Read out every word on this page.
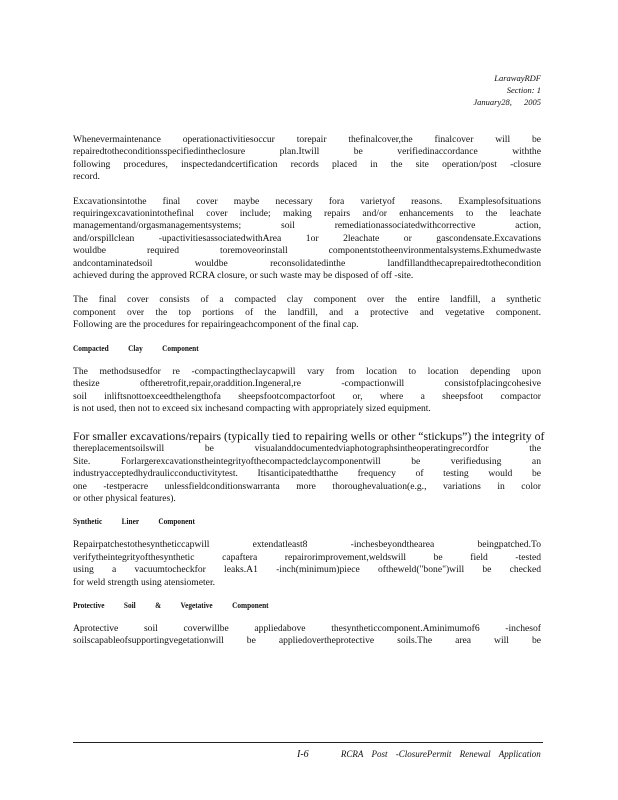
LarawayRDF
Section: 1
January28, 2005

Whenevermaintenance operationactivitiesoccur torepair thefinalcover,the finalcover will be
repairedtotheconditionsspecifiedintheclosure plan.Itwill be verifiedinaccordance withthe
following procedures, inspectedandcertification records placed in the site operation/post -closure
record.

Excavationsintothe final cover maybe necessary fora varietyof reasons. Examplesofsituations
requiringexcavationintothefinal cover include; making repairs and/or enhancements to the leachate
managementand/orgasmanagementsystems; soil remediationassociatedwithcorrective action,
and/orspillclean -upactivitiesassociatedwithArea 1or 2leachate or gascondensate.Excavations
wouldbe required toremoveorinstall componentstotheenvironmentalsystems.Exhumedwaste
andcontaminatedsoil wouldbe reconsolidatedinthe landfillandthecaprepairedtothecondition
achieved during the approved RCRA closure, or such waste may be disposed of off -site.

The final cover consists of a compacted clay component over the entire landfill, a synthetic
component over the top portions of the landfill, and a protective and vegetative component.
Following are the procedures for repairingeachcomponent of the final cap.

Compacted Clay Component

The methodsusedfor re -compactingtheclaycapwill vary from location to location depending upon
thesize oftheretrofit,repair,oraddition.Ingeneral,re -compactionwill consistofplacingcohesive
soil inliftsnottoexceedthelengthofa sheepsfootcompactorfoot or, where a sheepsfoot compactor
is not used, then not to exceed six inchesand compacting with appropriately sized equipment.

For smaller excavations/repairs (typically tied to repairing wells or other “stickups”) the integrity of

thereplacementsoilswill be visualanddocumentedviaphotographsintheoperatingrecordfor the
Site. Forlargerexcavationstheintegrityofthecompactedclaycomponentwill be verifiedusing an
industryacceptedhydraulicconductivitytest. Itisanticipatedthatthe frequency of testing would be
one -testperacre unlessfieldconditionswarranta more thoroughevaluation(e.g., variations in color
or other physical features).

Synthetic Liner Component

Repairpatchestothesyntheticcapwill extendatleast8 -inchesbeyondthearea beingpatched.To
verifytheintegrityofthesynthetic capaftera repairorimprovement,weldswill be field -tested
using a vacuumtocheckfor leaks.A1 -inch(minimum)piece oftheweld("bone")will be checked
for weld strength using atensiometer.

Protective Soil & Vegetative Component

Aprotective soil coverwillbe appliedabove thesyntheticcomponent.Aminimumof6 -inchesof
soilscapableofsupportingvegetationwill be appliedovertheprotective soils.The area will be

I-6	RCRA Post -ClosurePermit Renewal Application
